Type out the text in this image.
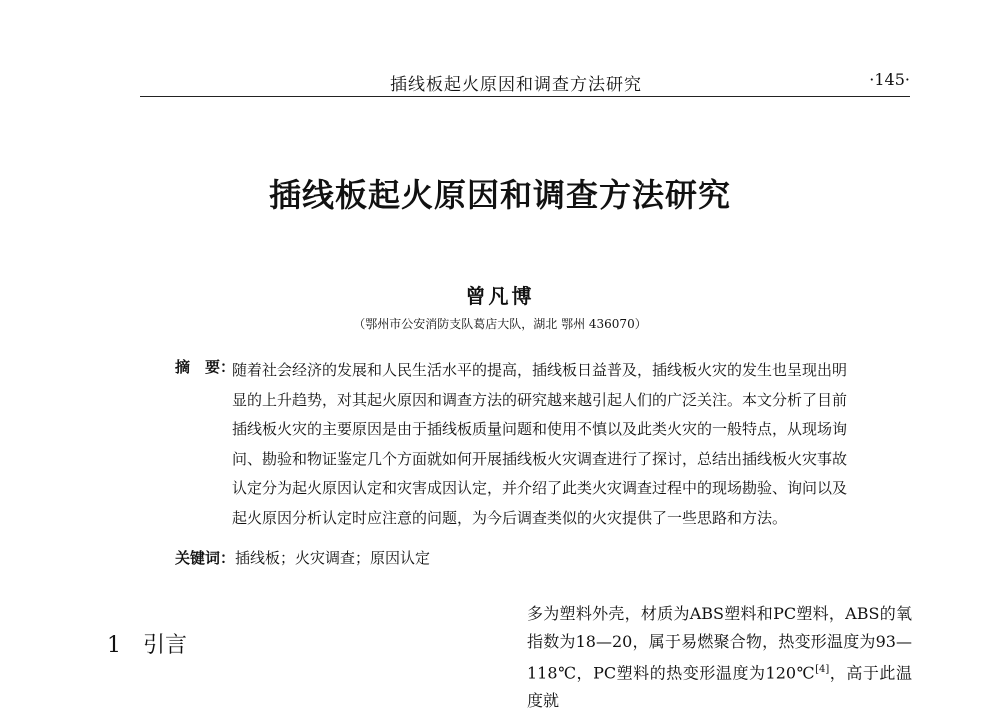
插线板起火原因和调查方法研究	·145·
插线板起火原因和调查方法研究
曾凡博
（鄂州市公安消防支队葛店大队，湖北 鄂州 436070）
摘　要：
随着社会经济的发展和人民生活水平的提高，插线板日益普及，插线板火灾的发生也呈现出明显的上升趋势，对其起火原因和调查方法的研究越来越引起人们的广泛关注。本文分析了目前插线板火灾的主要原因是由于插线板质量问题和使用不慎以及此类火灾的一般特点，从现场询问、勘验和物证鉴定几个方面就如何开展插线板火灾调查进行了探讨，总结出插线板火灾事故认定分为起火原因认定和灾害成因认定，并介绍了此类火灾调查过程中的现场勘验、询问以及起火原因分析认定时应注意的问题，为今后调查类似的火灾提供了一些思路和方法。
关键词：插线板；火灾调查；原因认定
1 引言

多为塑料外壳，材质为ABS塑料和PC塑料，ABS的氧指数为18—20，属于易燃聚合物，热变形温度为93—118℃，PC塑料的热变形温度为120℃[4]，高于此温度就
